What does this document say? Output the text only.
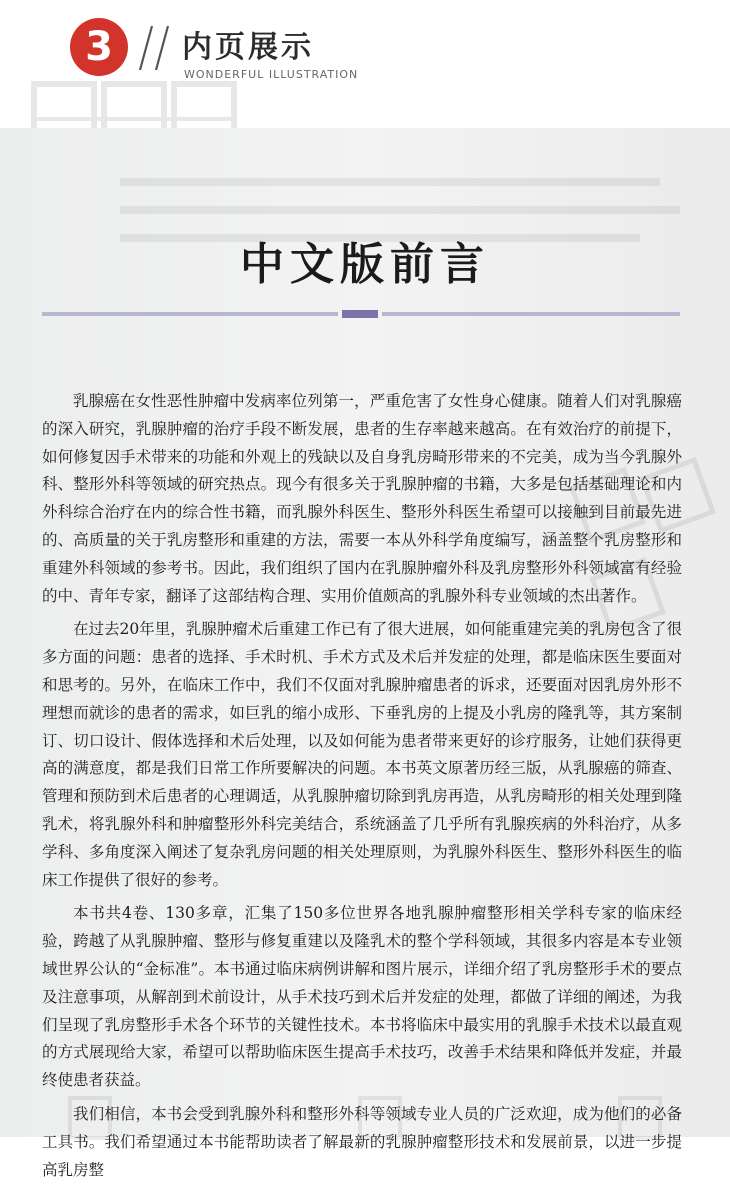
3 内页展示
WONDERFUL ILLUSTRATION
中文版前言

乳腺癌在女性恶性肿瘤中发病率位列第一，严重危害了女性身心健康。随着人们对乳腺癌的深入研究，乳腺肿瘤的治疗手段不断发展，患者的生存率越来越高。在有效治疗的前提下，如何修复因手术带来的功能和外观上的残缺以及自身乳房畸形带来的不完美，成为当今乳腺外科、整形外科等领域的研究热点。现今有很多关于乳腺肿瘤的书籍，大多是包括基础理论和内外科综合治疗在内的综合性书籍，而乳腺外科医生、整形外科医生希望可以接触到目前最先进的、高质量的关于乳房整形和重建的方法，需要一本从外科学角度编写，涵盖整个乳房整形和重建外科领域的参考书。因此，我们组织了国内在乳腺肿瘤外科及乳房整形外科领域富有经验的中、青年专家，翻译了这部结构合理、实用价值颇高的乳腺外科专业领域的杰出著作。

在过去20年里，乳腺肿瘤术后重建工作已有了很大进展，如何能重建完美的乳房包含了很多方面的问题：患者的选择、手术时机、手术方式及术后并发症的处理，都是临床医生要面对和思考的。另外，在临床工作中，我们不仅面对乳腺肿瘤患者的诉求，还要面对因乳房外形不理想而就诊的患者的需求，如巨乳的缩小成形、下垂乳房的上提及小乳房的隆乳等，其方案制订、切口设计、假体选择和术后处理，以及如何能为患者带来更好的诊疗服务，让她们获得更高的满意度，都是我们日常工作所要解决的问题。本书英文原著历经三版，从乳腺癌的筛查、管理和预防到术后患者的心理调适，从乳腺肿瘤切除到乳房再造，从乳房畸形的相关处理到隆乳术，将乳腺外科和肿瘤整形外科完美结合，系统涵盖了几乎所有乳腺疾病的外科治疗，从多学科、多角度深入阐述了复杂乳房问题的相关处理原则，为乳腺外科医生、整形外科医生的临床工作提供了很好的参考。

本书共4卷、130多章，汇集了150多位世界各地乳腺肿瘤整形相关学科专家的临床经验，跨越了从乳腺肿瘤、整形与修复重建以及隆乳术的整个学科领域，其很多内容是本专业领域世界公认的“金标准”。本书通过临床病例讲解和图片展示，详细介绍了乳房整形手术的要点及注意事项，从解剖到术前设计，从手术技巧到术后并发症的处理，都做了详细的阐述，为我们呈现了乳房整形手术各个环节的关键性技术。本书将临床中最实用的乳腺手术技术以最直观的方式展现给大家，希望可以帮助临床医生提高手术技巧，改善手术结果和降低并发症，并最终使患者获益。

我们相信，本书会受到乳腺外科和整形外科等领域专业人员的广泛欢迎，成为他们的必备工具书。我们希望通过本书能帮助读者了解最新的乳腺肿瘤整形技术和发展前景，以进一步提高乳房整
